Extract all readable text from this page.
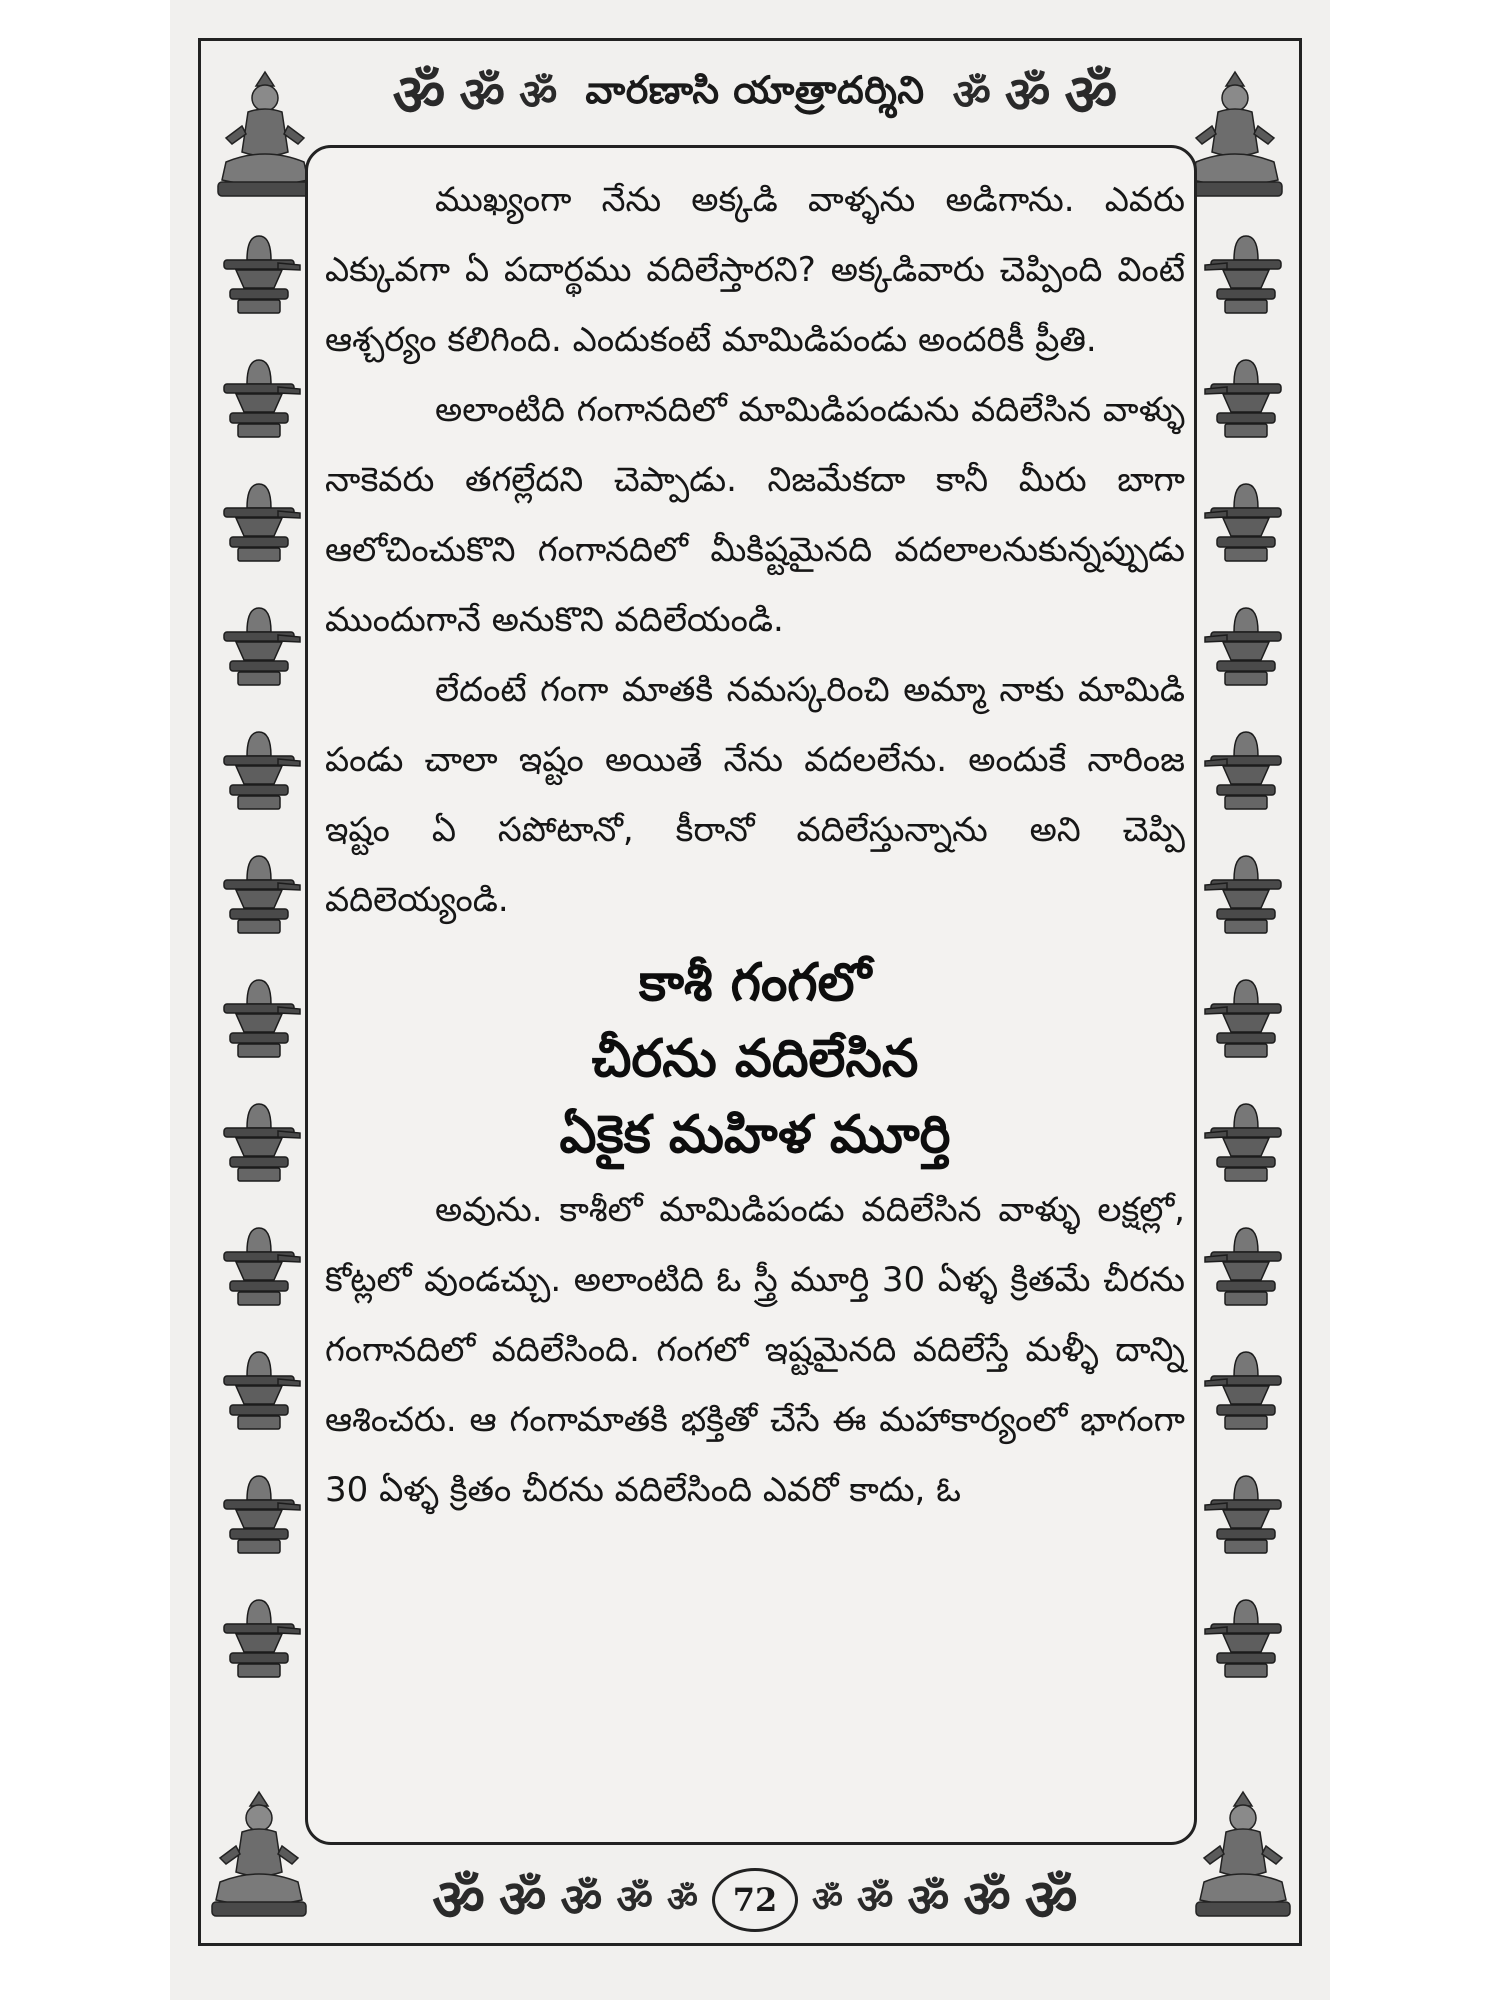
ॐ ॐ ॐ వారణాసి యాత్రాదర్శిని ॐ ॐ ॐ
ॐ ॐ ॐ ॐ ॐ	72	ॐ ॐ ॐ ॐ ॐ

ముఖ్యంగా నేను అక్కడి వాళ్ళను అడిగాను. ఎవరు ఎక్కువగా ఏ పదార్థము వదిలేస్తారని? అక్కడివారు చెప్పింది వింటే ఆశ్చర్యం కలిగింది. ఎందుకంటే మామిడిపండు అందరికీ ప్రీతి.

అలాంటిది గంగానదిలో మామిడిపండును వదిలేసిన వాళ్ళు నాకెవరు తగల్లేదని చెప్పాడు. నిజమేకదా కానీ మీరు బాగా ఆలోచించుకొని గంగానదిలో మీకిష్టమైనది వదలాలనుకున్నప్పుడు ముందుగానే అనుకొని వదిలేయండి.

లేదంటే గంగా మాతకి నమస్కరించి అమ్మా నాకు మామిడి పండు చాలా ఇష్టం అయితే నేను వదలలేను. అందుకే నారింజ ఇష్టం ఏ సపోటానో, కీరానో వదిలేస్తున్నాను అని చెప్పి వదిలెయ్యండి.

కాశీ గంగలో

చీరను వదిలేసిన

ఏకైక మహిళ మూర్తి

అవును. కాశీలో మామిడిపండు వదిలేసిన వాళ్ళు లక్షల్లో, కోట్లలో వుండచ్చు. అలాంటిది ఓ స్త్రీ మూర్తి 30 ఏళ్ళ క్రితమే చీరను గంగానదిలో వదిలేసింది. గంగలో ఇష్టమైనది వదిలేస్తే మళ్ళీ దాన్ని ఆశించరు. ఆ గంగామాతకి భక్తితో చేసే ఈ మహాకార్యంలో భాగంగా 30 ఏళ్ళ క్రితం చీరను వదిలేసింది ఎవరో కాదు, ఓ
